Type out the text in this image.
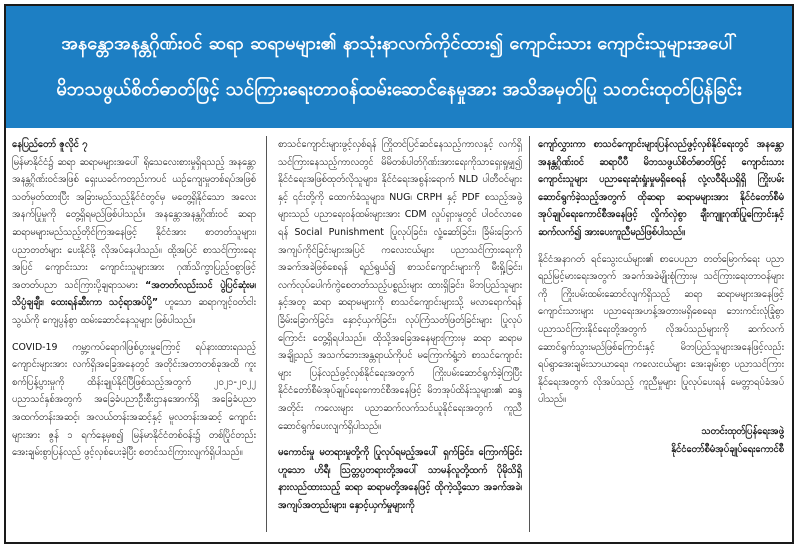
အနန္တောအနန္တဂိုဏ်းဝင် ဆရာ ဆရာမများ၏ နာသုံးနာလက်ကိုင်ထား၍ ကျောင်းသား ကျောင်းသူများအပေါ်
မိဘသဖွယ်စိတ်ဓာတ်ဖြင့် သင်ကြားရေးတာဝန်ထမ်းဆောင်နေမှုအား အသိအမှတ်ပြု သတင်းထုတ်ပြန်ခြင်း

နေပြည်တော် ဇူလိုင် ၇
မြန်မာနိုင်ငံ၌ ဆရာ ဆရာမများအပေါ် ရိုသေလေးစားမှုရှိရသည့် အနန္တောအနန္တဂိုဏ်းဝင်အဖြစ် ရှေးယခင်ကတည်းကပင် ယဉ်ကျေးမှုတစ်ရပ်အဖြစ် သတ်မှတ်ထားပြီး အခြားမည်သည့်နိုင်ငံတွင်မှ မတွေ့ရှိနိုင်သော အလေးအနက်ပြုမှုကို တွေ့ရှိရမည်ဖြစ်ပါသည်။ အနန္တောအနန္တဂိုဏ်းဝင် ဆရာ ဆရာမများမည်သည့်တိုင်ကြအနေဖြင့် နိုင်ငံအား စာတတ်သူများ၊ ပညာတတ်များ ပေးနိုင်ဖို့ လိုအပ်နေပါသည်။ ထို့အပြင် စာသင်ကြားရေးအပြင် ကျောင်းသား ကျောင်းသူများအား ဂုဏ်သိက္ခာပြည့်ဝစွာဖြင့် အတတ်ပညာ သင်ကြားပို့ချရာသမား “အတတ်လည်းသင် ပွဲပြင်ဆုံးမ၊ သိပ္ပံချချီး၊ ထေးရန်ဆီးကာ သင့်ရာအပ်ပို့” ဟူသော ဆရာကျင့်ဝတ်ငါးသွယ်ကို ကျေပွန်စွာ ထမ်းဆောင်နေသူများ ဖြစ်ပါသည်။

COVID-19 ကမ္ဘာ့ကပ်ရောဂါဖြစ်ပွားမှုကြောင့် ရပ်နားထားရသည့် ကျောင်းများအား လက်ရှိအခြေအနေတွင် အတိုင်းအတာတစ်ခုအထိ ကူးစက်ပြန့်ပွားမှုကို ထိန်းချုပ်နိုင်ပြီဖြစ်သည့်အတွက် ၂၀၂၁-၂၀၂၂ ပညာသင်နှစ်အတွက် အခြေခံပညာဦးစီးဌာနအောက်ရှိ အခြေခံပညာ အထက်တန်းအဆင့်၊ အလယ်တန်းအဆင့်နှင့် မူလတန်းအဆင့် ကျောင်းများအား ဇွန် ၁ ရက်နေ့မှစ၍ မြန်မာနိုင်ငံတစ်ဝန်း၌ တစ်ပြိုင်တည်း အေးချမ်းစွာပြန်လည် ဖွင့်လှစ်ပေးခဲ့ပြီး စတင်သင်ကြားလျက်ရှိပါသည်။

စာသင်ကျောင်းများဖွင့်လှစ်ရန် ကြိုတင်ပြင်ဆင်နေသည့်ကာလနှင့် လက်ရှိသင်ကြားနေသည့်ကာလတွင် မိမိတစ်ပါတ်ဂိုဏ်းအားရေးကိုသာရှေးရှုမျှ၍ နိုင်ငံရေးအဖြစ်ထုတ်လိုသူများ၊ နိုင်ငံရေးအစွန်းရောက် NLD ပါတီဝင်များနှင့် ၎င်းတို့ကို ထောက်ခံသူများ၊ NUG၊ CRPH နှင့် PDF စသည့်အဖွဲ့များသည် ပညာရေးဝန်ထမ်းများအား CDM လှုပ်ရှားမှုတွင် ပါဝင်လာစေရန် Social Punishment ပြုလုပ်ခြင်း၊ လှုံ့ဆော်ခြင်း၊ ခြိမ်းခြောက်အကျပ်ကိုင်ခြင်းများအပြင် ကလေးငယ်များ ပညာသင်ကြားရေးကို အခက်အခဲဖြစ်စေရန် ရည်ရွယ်၍ စာသင်ကျောင်းများကို မီးရှို့ခြင်း၊ လက်လုပ်ပေါက်ကွဲစေတတ်သည့်ပစ္စည်းများ ထားရှိခြင်း၊ မိဘပြည်သူများနှင့်အတူ ဆရာ ဆရာမများကို စာသင်ကျောင်းများသို့ မလာရောက်ရန် ခြိမ်းခြောက်ခြင်း၊ နှောင့်ယှက်ခြင်း၊ လုပ်ကြံသတ်ဖြတ်ခြင်းများ ပြုလုပ်ကြောင်း တွေ့ရှိရပါသည်။ ထိုသို့အခြေအနေများကြားမှ ဆရာ ဆရာမ အချို့သည် အသက်ဘေးအန္တရာယ်ကိုပင် မကြောက်ရွံ့ဘဲ စာသင်ကျောင်းများ ပြန်လည်ဖွင့်လှစ်နိုင်ရေးအတွက် ကြိုးပမ်းဆောင်ရွက်ခဲ့ကြပြီး နိုင်ငံတော်စီမံအုပ်ချုပ်ရေးကောင်စီအနေဖြင့် မိဘအုပ်ထိန်းသူများ၏ ဆန္ဒအတိုင်း ကလေးများ ပညာဆက်လက်သင်ယူနိုင်ရေးအတွက် ကူညီဆောင်ရွက်ပေးလျက်ရှိပါသည်။

မကောင်းမှု မတရားမှုတို့ကို ပြုလုပ်ရမည့်အပေါ် ရှက်ခြင်း၊ ကြောက်ခြင်းဟူသော ဟိရီ၊ ဩတ္တပ္ပတရားတို့အပေါ် သာမန်လူတို့ထက် ပိုမိုသိရှိနားလည်ထားသည့် ဆရာ ဆရာမတို့အနေဖြင့် ထိုကဲ့သို့သော အခက်အခဲ၊ အကျပ်အတည်းများ၊ နှောင့်ယှက်မှုများကို

ကျော်လွှားကာ စာသင်ကျောင်းများပြန်လည်ဖွင့်လှစ်နိုင်ရေးတွင် အနန္တောအနန္တဂိုဏ်းဝင် ဆရာပီပီ မိဘသဖွယ်စိတ်ဓာတ်ဖြင့် ကျောင်းသား ကျောင်းသူများ ပညာရေးဆုံးရှုံးမှုမရှိစေရန် လုံ့လဝီရိယရှိရှိ ကြိုးပမ်းဆောင်ရွက်ခဲ့သည့်အတွက် ထိုဆရာ ဆရာမများအား နိုင်ငံတော်စီမံအုပ်ချုပ်ရေးကောင်စီအနေဖြင့် လှိုက်လှဲစွာ ချီးကျူးဂုဏ်ပြုကြောင်းနှင့် ဆက်လက်၍ အားပေးကူညီမည်ဖြစ်ပါသည်။

နိုင်ငံအနာဂတ် ရင်သွေးငယ်များ၏ စာပေပညာ တတ်မြောက်ရေး ပညာရည်မြင့်မားရေးအတွက် အခက်အခဲမျိုးစုံကြားမှ သင်ကြားရေးတာဝန်များကို ကြိုးပမ်းထမ်းဆောင်လျက်ရှိသည့် ဆရာ ဆရာမများအနေဖြင့် ကျောင်းသားများ ပညာရေးအဟန့်အတားမရှိစေရေး၊ ဘေးကင်းလုံခြုံစွာ ပညာသင်ကြားနိုင်ရေးတို့အတွက် လိုအပ်သည်များကို ဆက်လက်ဆောင်ရွက်သွားမည်ဖြစ်ကြောင်းနှင့် မိဘပြည်သူများအနေဖြင့်လည်း ရပ်ရွာအေးချမ်းသာယာရေး၊ ကလေးငယ်များ အေးချမ်းစွာ ပညာသင်ကြားနိုင်ရေးအတွက် လိုအပ်သည့် ကူညီမှုများ ပြုလုပ်ပေးရန် မေတ္တာရပ်ခံအပ်ပါသည်။

သတင်းထုတ်ပြန်ရေးအဖွဲ့
နိုင်ငံတော်စီမံအုပ်ချုပ်ရေးကောင်စီ
